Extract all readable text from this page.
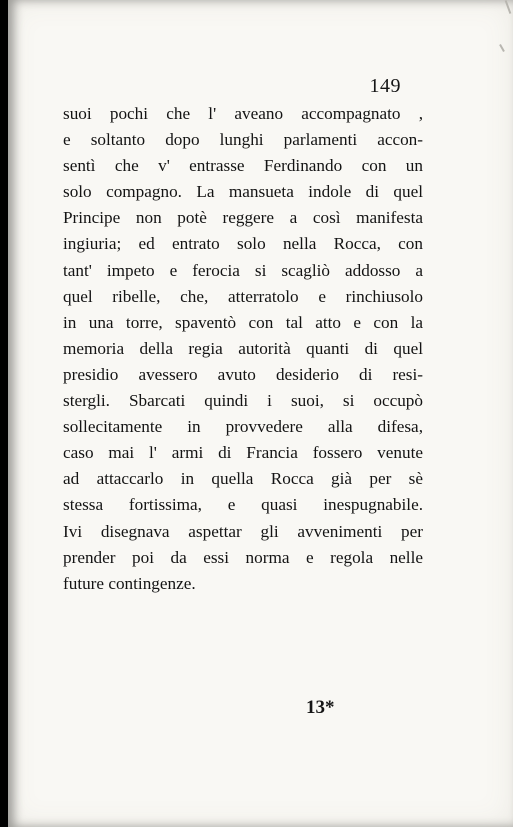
149
suoi pochi che l' aveano accompagnato ,
e soltanto dopo lunghi parlamenti accon-
sentì che v' entrasse Ferdinando con un
solo compagno. La mansueta indole di quel
Principe non potè reggere a così manifesta
ingiuria; ed entrato solo nella Rocca, con
tant' impeto e ferocia si scagliò addosso a
quel ribelle, che, atterratolo e rinchiusolo
in una torre, spaventò con tal atto e con la
memoria della regia autorità quanti di quel
presidio avessero avuto desiderio di resi-
stergli. Sbarcati quindi i suoi, si occupò
sollecitamente in provvedere alla difesa,
caso mai l' armi di Francia fossero venute
ad attaccarlo in quella Rocca già per sè
stessa fortissima, e quasi inespugnabile.
Ivi disegnava aspettar gli avvenimenti per
prender poi da essi norma e regola nelle
future contingenze.
13*
